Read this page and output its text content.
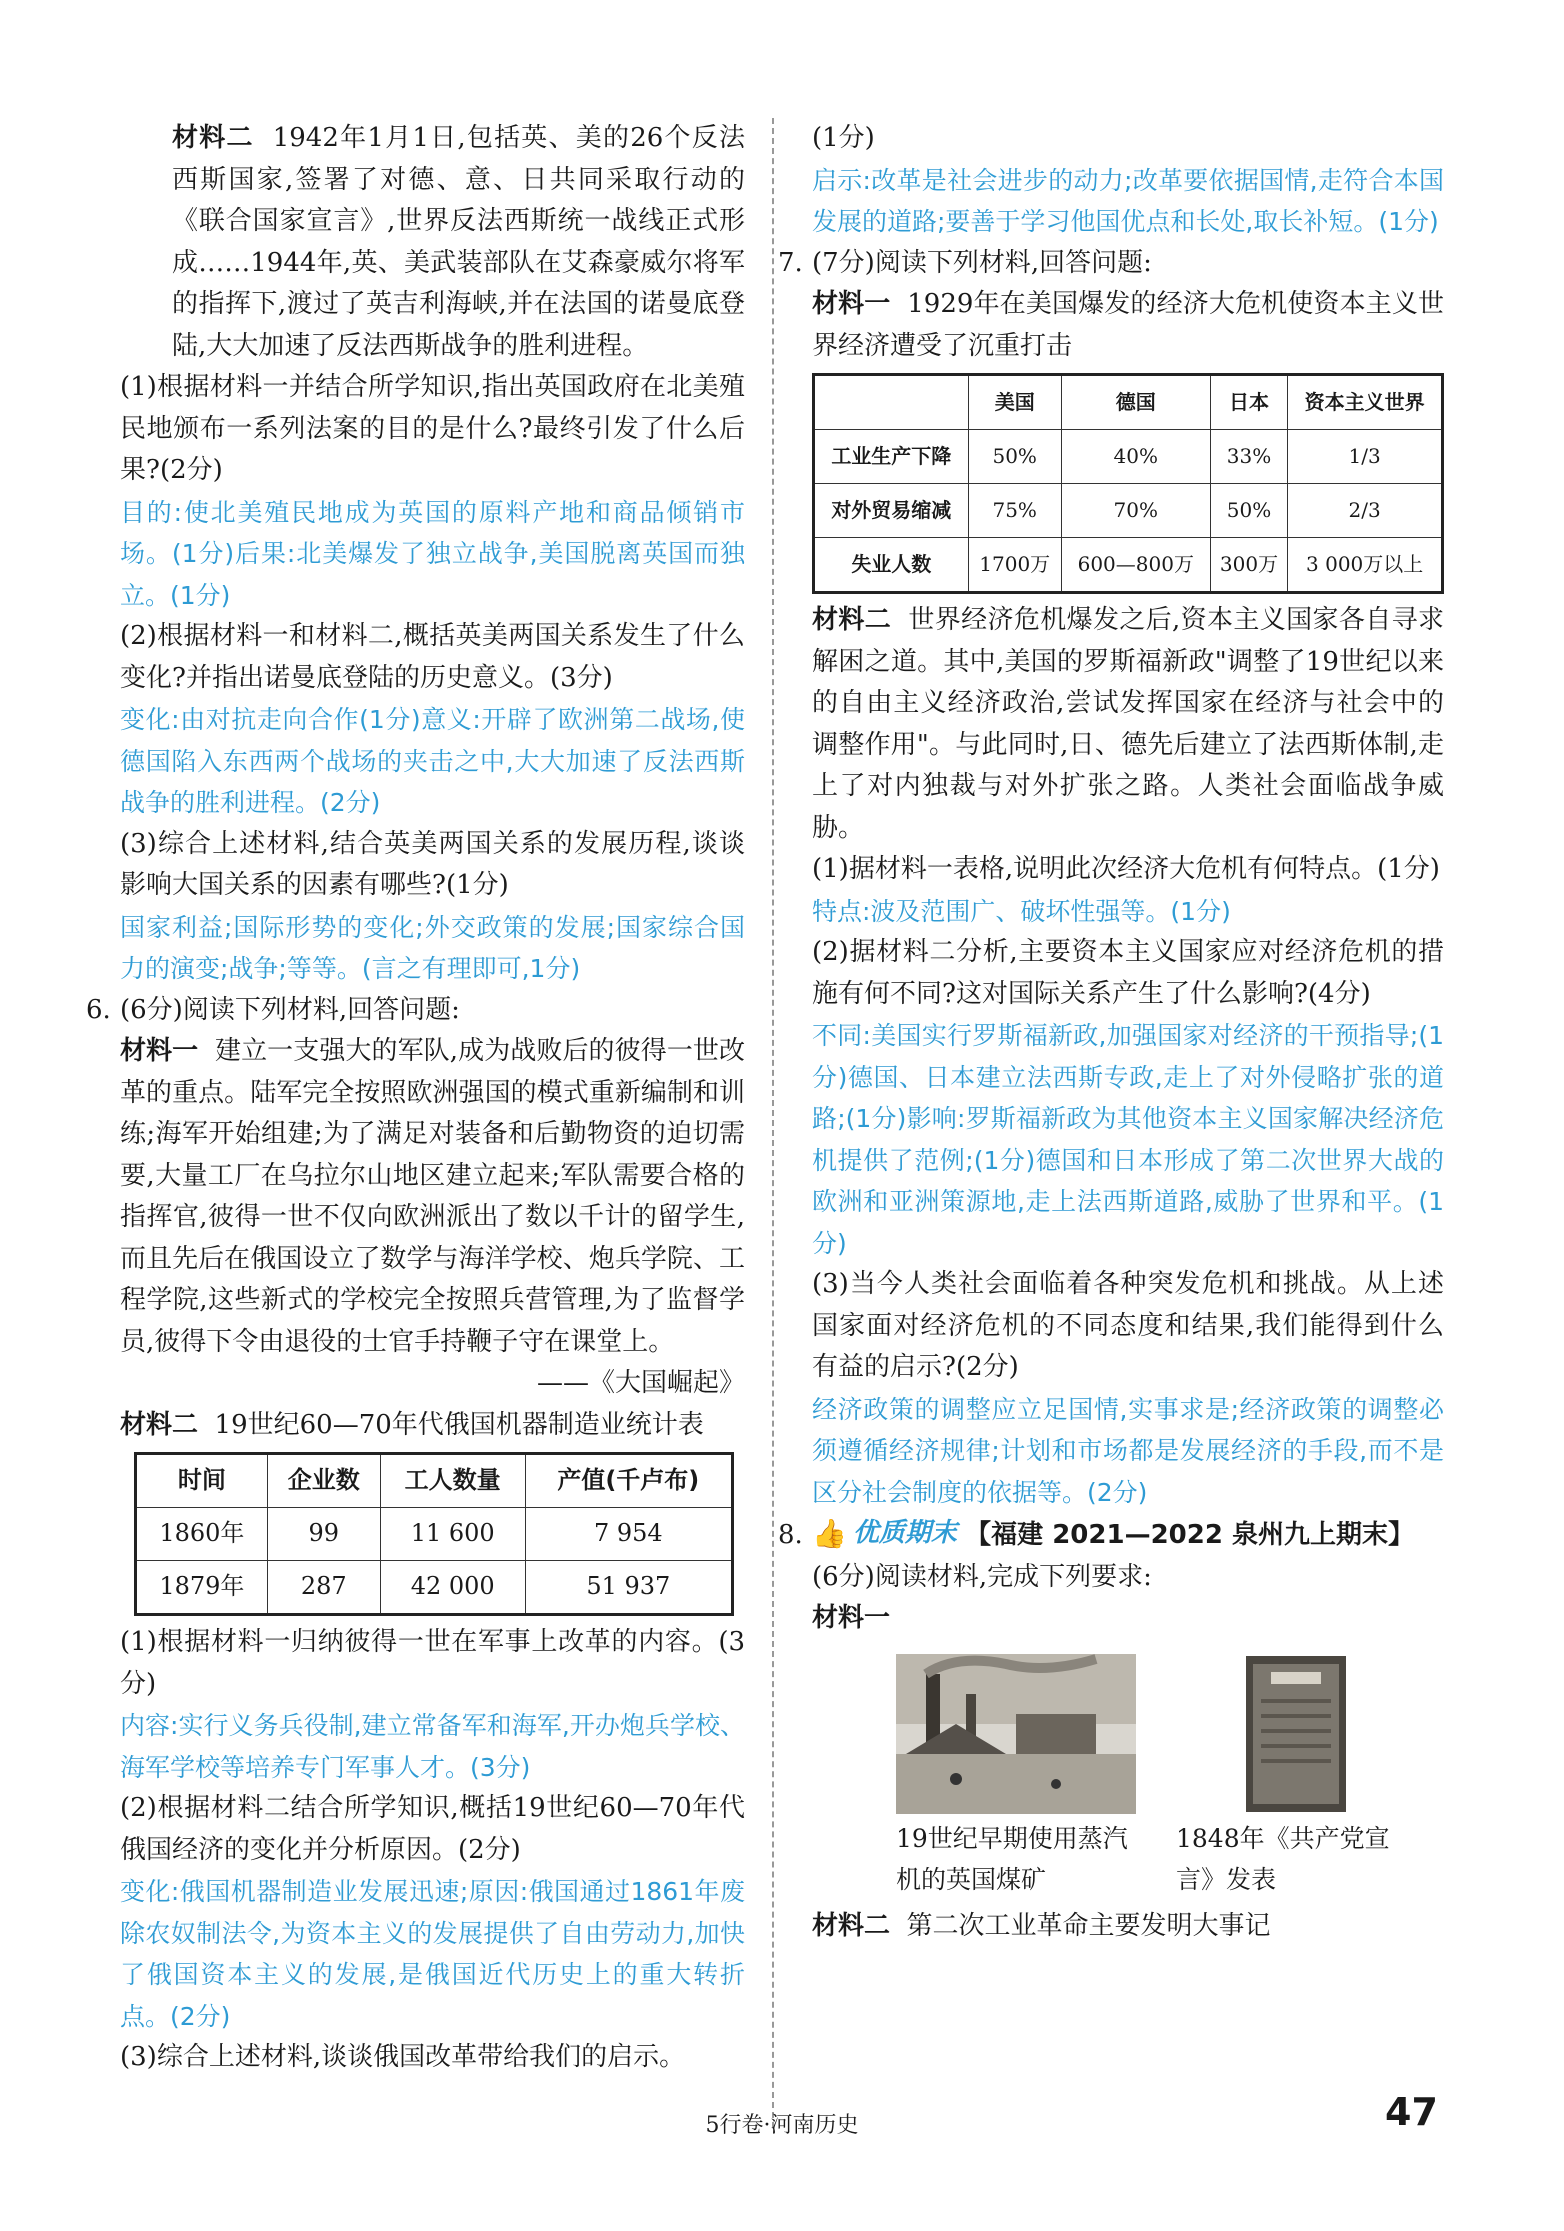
材料二 1942年1月1日,包括英、美的26个反法西斯国家,签署了对德、意、日共同采取行动的《联合国家宣言》,世界反法西斯统一战线正式形成……1944年,英、美武装部队在艾森豪威尔将军的指挥下,渡过了英吉利海峡,并在法国的诺曼底登陆,大大加速了反法西斯战争的胜利进程。

(1)根据材料一并结合所学知识,指出英国政府在北美殖民地颁布一系列法案的目的是什么?最终引发了什么后果?(2分)

目的:使北美殖民地成为英国的原料产地和商品倾销市场。(1分)后果:北美爆发了独立战争,美国脱离英国而独立。(1分)

(2)根据材料一和材料二,概括英美两国关系发生了什么变化?并指出诺曼底登陆的历史意义。(3分)

变化:由对抗走向合作(1分)意义:开辟了欧洲第二战场,使德国陷入东西两个战场的夹击之中,大大加速了反法西斯战争的胜利进程。(2分)

(3)综合上述材料,结合英美两国关系的发展历程,谈谈影响大国关系的因素有哪些?(1分)

国家利益;国际形势的变化;外交政策的发展;国家综合国力的演变;战争;等等。(言之有理即可,1分)

6. (6分)阅读下列材料,回答问题:

材料一 建立一支强大的军队,成为战败后的彼得一世改革的重点。陆军完全按照欧洲强国的模式重新编制和训练;海军开始组建;为了满足对装备和后勤物资的迫切需要,大量工厂在乌拉尔山地区建立起来;军队需要合格的指挥官,彼得一世不仅向欧洲派出了数以千计的留学生,而且先后在俄国设立了数学与海洋学校、炮兵学院、工程学院,这些新式的学校完全按照兵营管理,为了监督学员,彼得下令由退役的士官手持鞭子守在课堂上。

——《大国崛起》

材料二 19世纪60—70年代俄国机器制造业统计表

时间	企业数	工人数量	产值(千卢布)
1860年	99	11 600	7 954
1879年	287	42 000	51 937

(1)根据材料一归纳彼得一世在军事上改革的内容。(3分)

内容:实行义务兵役制,建立常备军和海军,开办炮兵学校、海军学校等培养专门军事人才。(3分)

(2)根据材料二结合所学知识,概括19世纪60—70年代俄国经济的变化并分析原因。(2分)

变化:俄国机器制造业发展迅速;原因:俄国通过1861年废除农奴制法令,为资本主义的发展提供了自由劳动力,加快了俄国资本主义的发展,是俄国近代历史上的重大转折点。(2分)

(3)综合上述材料,谈谈俄国改革带给我们的启示。

(1分)

启示:改革是社会进步的动力;改革要依据国情,走符合本国发展的道路;要善于学习他国优点和长处,取长补短。(1分)

7. (7分)阅读下列材料,回答问题:

材料一 1929年在美国爆发的经济大危机使资本主义世界经济遭受了沉重打击

	美国	德国	日本	资本主义世界
工业生产下降	50%	40%	33%	1/3
对外贸易缩减	75%	70%	50%	2/3
失业人数	1700万	600—800万	300万	3 000万以上

材料二 世界经济危机爆发之后,资本主义国家各自寻求解困之道。其中,美国的罗斯福新政"调整了19世纪以来的自由主义经济政治,尝试发挥国家在经济与社会中的调整作用"。与此同时,日、德先后建立了法西斯体制,走上了对内独裁与对外扩张之路。人类社会面临战争威胁。

(1)据材料一表格,说明此次经济大危机有何特点。(1分)

特点:波及范围广、破坏性强等。(1分)

(2)据材料二分析,主要资本主义国家应对经济危机的措施有何不同?这对国际关系产生了什么影响?(4分)

不同:美国实行罗斯福新政,加强国家对经济的干预指导;(1分)德国、日本建立法西斯专政,走上了对外侵略扩张的道路;(1分)影响:罗斯福新政为其他资本主义国家解决经济危机提供了范例;(1分)德国和日本形成了第二次世界大战的欧洲和亚洲策源地,走上法西斯道路,威胁了世界和平。(1分)

(3)当今人类社会面临着各种突发危机和挑战。从上述国家面对经济危机的不同态度和结果,我们能得到什么有益的启示?(2分)

经济政策的调整应立足国情,实事求是;经济政策的调整必须遵循经济规律;计划和市场都是发展经济的手段,而不是区分社会制度的依据等。(2分)

8. 👍 优质期末 【福建 2021—2022 泉州九上期末】

(6分)阅读材料,完成下列要求:

材料一

19世纪早期使用蒸汽机的英国煤矿
1848年《共产党宣言》发表

材料二 第二次工业革命主要发明大事记

5行卷·河南历史	47
